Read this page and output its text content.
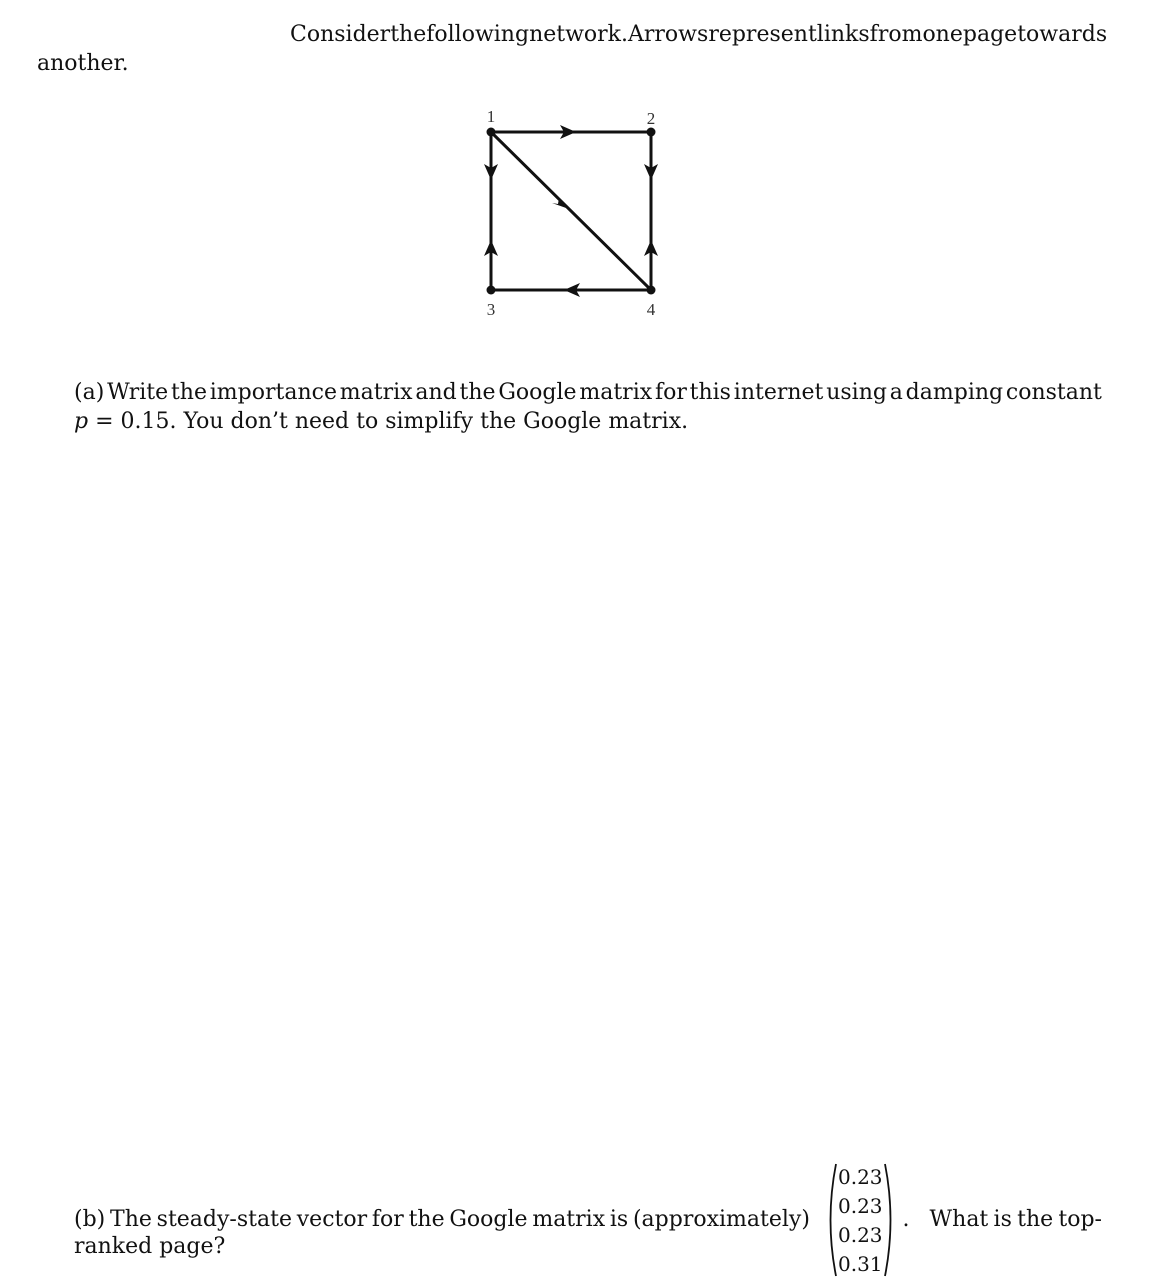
Consider the following network. Arrows represent links from one page towards
another.
1	2
3	4
(a) Write the importance matrix and the Google matrix for this internet using a damping constant
p = 0.15. You don’t need to simplify the Google matrix.
(b) The steady-state vector for the Google matrix is (approximately)
0.23
0.23
0.23
0.31
. What is the top-
ranked page?
